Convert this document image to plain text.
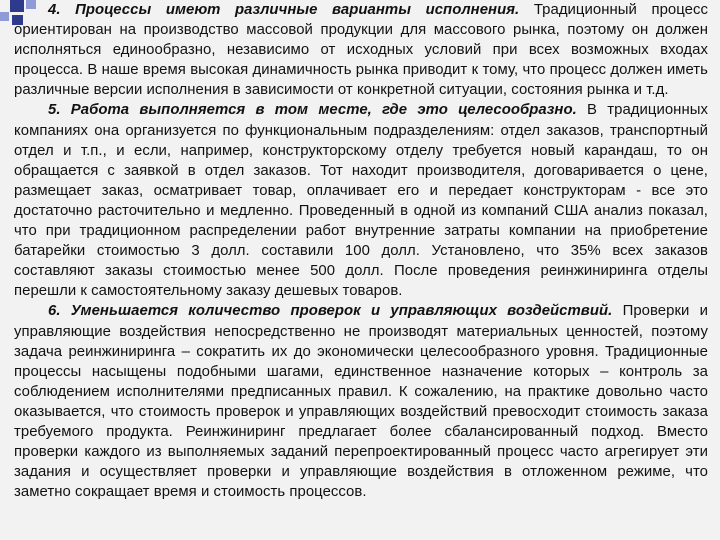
4. Процессы имеют различные варианты исполнения. Традиционный процесс ориентирован на производство массовой продукции для массового рынка, поэтому он должен исполняться единообразно, независимо от исходных условий при всех возможных входах процесса. В наше время высокая динамичность рынка приводит к тому, что процесс должен иметь различные версии исполнения в зависимости от конкретной ситуации, состояния рынка и т.д.

5. Работа выполняется в том месте, где это целесообразно. В традиционных компаниях она организуется по функциональным подразделениям: отдел заказов, транспортный отдел и т.п., и если, например, конструкторскому отделу требуется новый карандаш, то он обращается с заявкой в отдел заказов. Тот находит производителя, договаривается о цене, размещает заказ, осматривает товар, оплачивает его и передает конструкторам - все это достаточно расточительно и медленно. Проведенный в одной из компаний США анализ показал, что при традиционном распределении работ внутренние затраты компании на приобретение батарейки стоимостью 3 долл. составили 100 долл. Установлено, что 35% всех заказов составляют заказы стоимостью менее 500 долл. После проведения реинжиниринга отделы перешли к самостоятельному заказу дешевых товаров.

6. Уменьшается количество проверок и управляющих воздействий. Проверки и управляющие воздействия непосредственно не производят материальных ценностей, поэтому задача реинжиниринга – сократить их до экономически целесообразного уровня. Традиционные процессы насыщены подобными шагами, единственное назначение которых – контроль за соблюдением исполнителями предписанных правил. К сожалению, на практике довольно часто оказывается, что стоимость проверок и управляющих воздействий превосходит стоимость заказа требуемого продукта. Реинжиниринг предлагает более сбалансированный подход. Вместо проверки каждого из выполняемых заданий перепроектированный процесс часто агрегирует эти задания и осуществляет проверки и управляющие воздействия в отложенном режиме, что заметно сокращает время и стоимость процессов.
